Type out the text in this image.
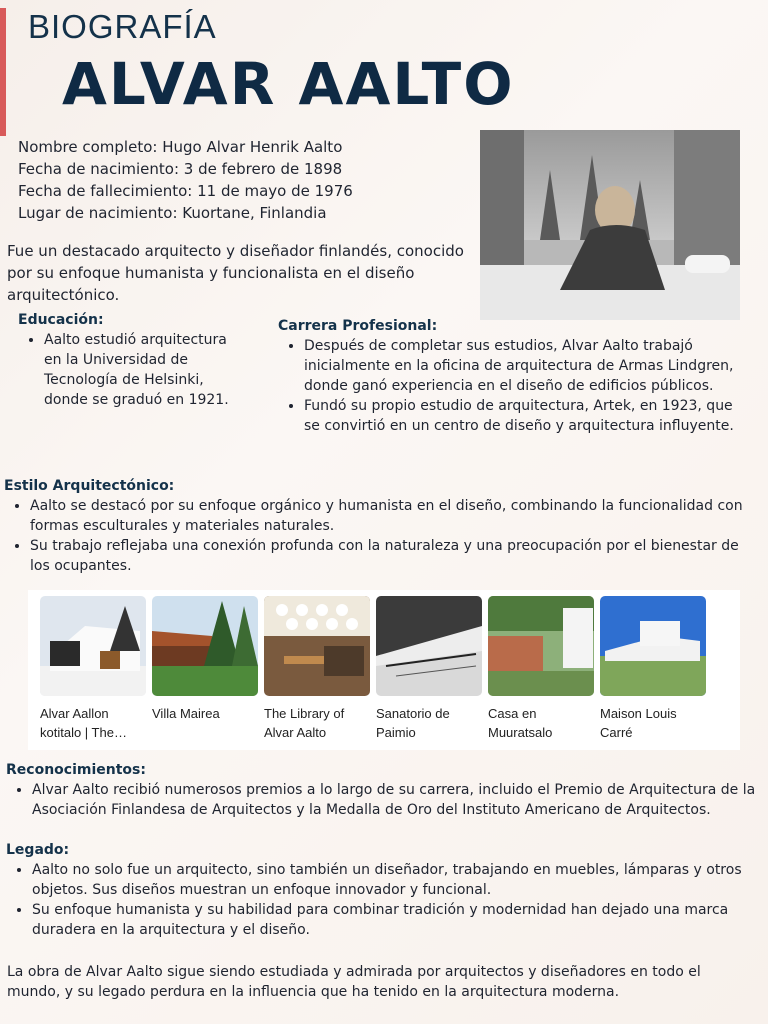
BIOGRAFÍA
ALVAR AALTO
Nombre completo: Hugo Alvar Henrik Aalto
Fecha de nacimiento: 3 de febrero de 1898
Fecha de fallecimiento: 11 de mayo de 1976
Lugar de nacimiento: Kuortane, Finlandia
Fue un destacado arquitecto y diseñador finlandés, conocido por su enfoque humanista y funcionalista en el diseño arquitectónico.
Educación:
• Aalto estudió arquitectura en la Universidad de Tecnología de Helsinki, donde se graduó en 1921.
Carrera Profesional:
• Después de completar sus estudios, Alvar Aalto trabajó inicialmente en la oficina de arquitectura de Armas Lindgren, donde ganó experiencia en el diseño de edificios públicos.
• Fundó su propio estudio de arquitectura, Artek, en 1923, que se convirtió en un centro de diseño y arquitectura influyente.
Estilo Arquitectónico:
• Aalto se destacó por su enfoque orgánico y humanista en el diseño, combinando la funcionalidad con formas esculturales y materiales naturales.
• Su trabajo reflejaba una conexión profunda con la naturaleza y una preocupación por el bienestar de los ocupantes.
Alvar Aallon kotitalo | The…
Villa Mairea	The Library of Alvar Aalto
Sanatorio de Paimio
Casa en Muuratsalo
Maison Louis Carré
Reconocimientos:
• Alvar Aalto recibió numerosos premios a lo largo de su carrera, incluido el Premio de Arquitectura de la Asociación Finlandesa de Arquitectos y la Medalla de Oro del Instituto Americano de Arquitectos.
Legado:
• Aalto no solo fue un arquitecto, sino también un diseñador, trabajando en muebles, lámparas y otros objetos. Sus diseños muestran un enfoque innovador y funcional.
• Su enfoque humanista y su habilidad para combinar tradición y modernidad han dejado una marca duradera en la arquitectura y el diseño.
La obra de Alvar Aalto sigue siendo estudiada y admirada por arquitectos y diseñadores en todo el mundo, y su legado perdura en la influencia que ha tenido en la arquitectura moderna.
